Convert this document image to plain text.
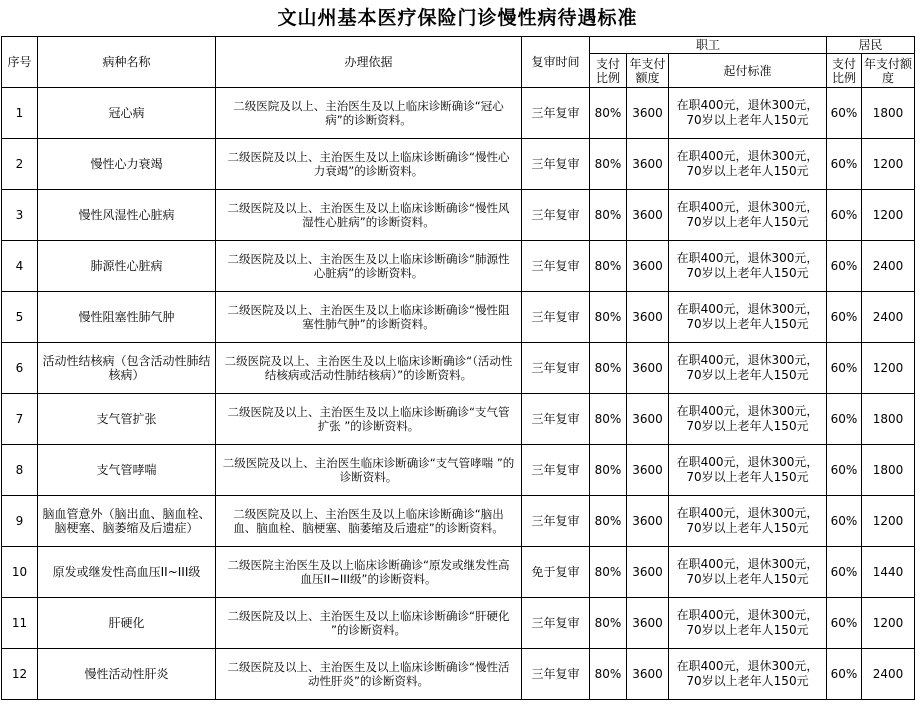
文山州基本医疗保险门诊慢性病待遇标准
序号	病种名称	办理依据	复审时间	职工			居民	
				支付比例	年支付额度	起付标准	支付比例	年支付额度
1	冠心病	二级医院及以上、主治医生及以上临床诊断确诊“冠心病”的诊断资料。	三年复审	80%	3600	在职400元，退休300元，70岁以上老年人150元	60%	1800
2	慢性心力衰竭	二级医院及以上、主治医生及以上临床诊断确诊“慢性心力衰竭”的诊断资料。	三年复审	80%	3600	在职400元，退休300元，70岁以上老年人150元	60%	1200
3	慢性风湿性心脏病	二级医院及以上、主治医生及以上临床诊断确诊“慢性风湿性心脏病”的诊断资料。	三年复审	80%	3600	在职400元，退休300元，70岁以上老年人150元	60%	1200
4	肺源性心脏病	二级医院及以上、主治医生及以上临床诊断确诊“肺源性心脏病”的诊断资料。	三年复审	80%	3600	在职400元，退休300元，70岁以上老年人150元	60%	2400
5	慢性阻塞性肺气肿	二级医院及以上、主治医生及以上临床诊断确诊“慢性阻塞性肺气肿”的诊断资料。	三年复审	80%	3600	在职400元，退休300元，70岁以上老年人150元	60%	2400
6	活动性结核病（包含活动性肺结核病）	二级医院及以上、主治医生及以上临床诊断确诊“（活动性结核病或活动性肺结核病）”的诊断资料。	三年复审	80%	3600	在职400元，退休300元，70岁以上老年人150元	60%	1200
7	支气管扩张	二级医院及以上、主治医生及以上临床诊断确诊“支气管扩张 ”的诊断资料。	三年复审	80%	3600	在职400元，退休300元，70岁以上老年人150元	60%	1800
8	支气管哮喘	二级医院及以上、主治医生临床诊断确诊“支气管哮喘 ”的诊断资料。	三年复审	80%	3600	在职400元，退休300元，70岁以上老年人150元	60%	1800
9	脑血管意外（脑出血、脑血栓、脑梗塞、脑萎缩及后遗症）	二级医院及以上、主治医生及以上临床诊断确诊“脑出血、脑血栓、脑梗塞、脑萎缩及后遗症”的诊断资料。	三年复审	80%	3600	在职400元，退休300元，70岁以上老年人150元	60%	1200
10	原发或继发性高血压II~III级	二级医院主治医生及以上临床诊断确诊“原发或继发性高血压II~III级”的诊断资料。	免于复审	80%	3600	在职400元，退休300元，70岁以上老年人150元	60%	1440
11	肝硬化	二级医院及以上、主治医生及以上临床诊断确诊“肝硬化 ”的诊断资料。	三年复审	80%	3600	在职400元，退休300元，70岁以上老年人150元	60%	1200
12	慢性活动性肝炎	二级医院及以上、主治医生及以上临床诊断确诊“慢性活动性肝炎”的诊断资料。	三年复审	80%	3600	在职400元，退休300元，70岁以上老年人150元	60%	2400
